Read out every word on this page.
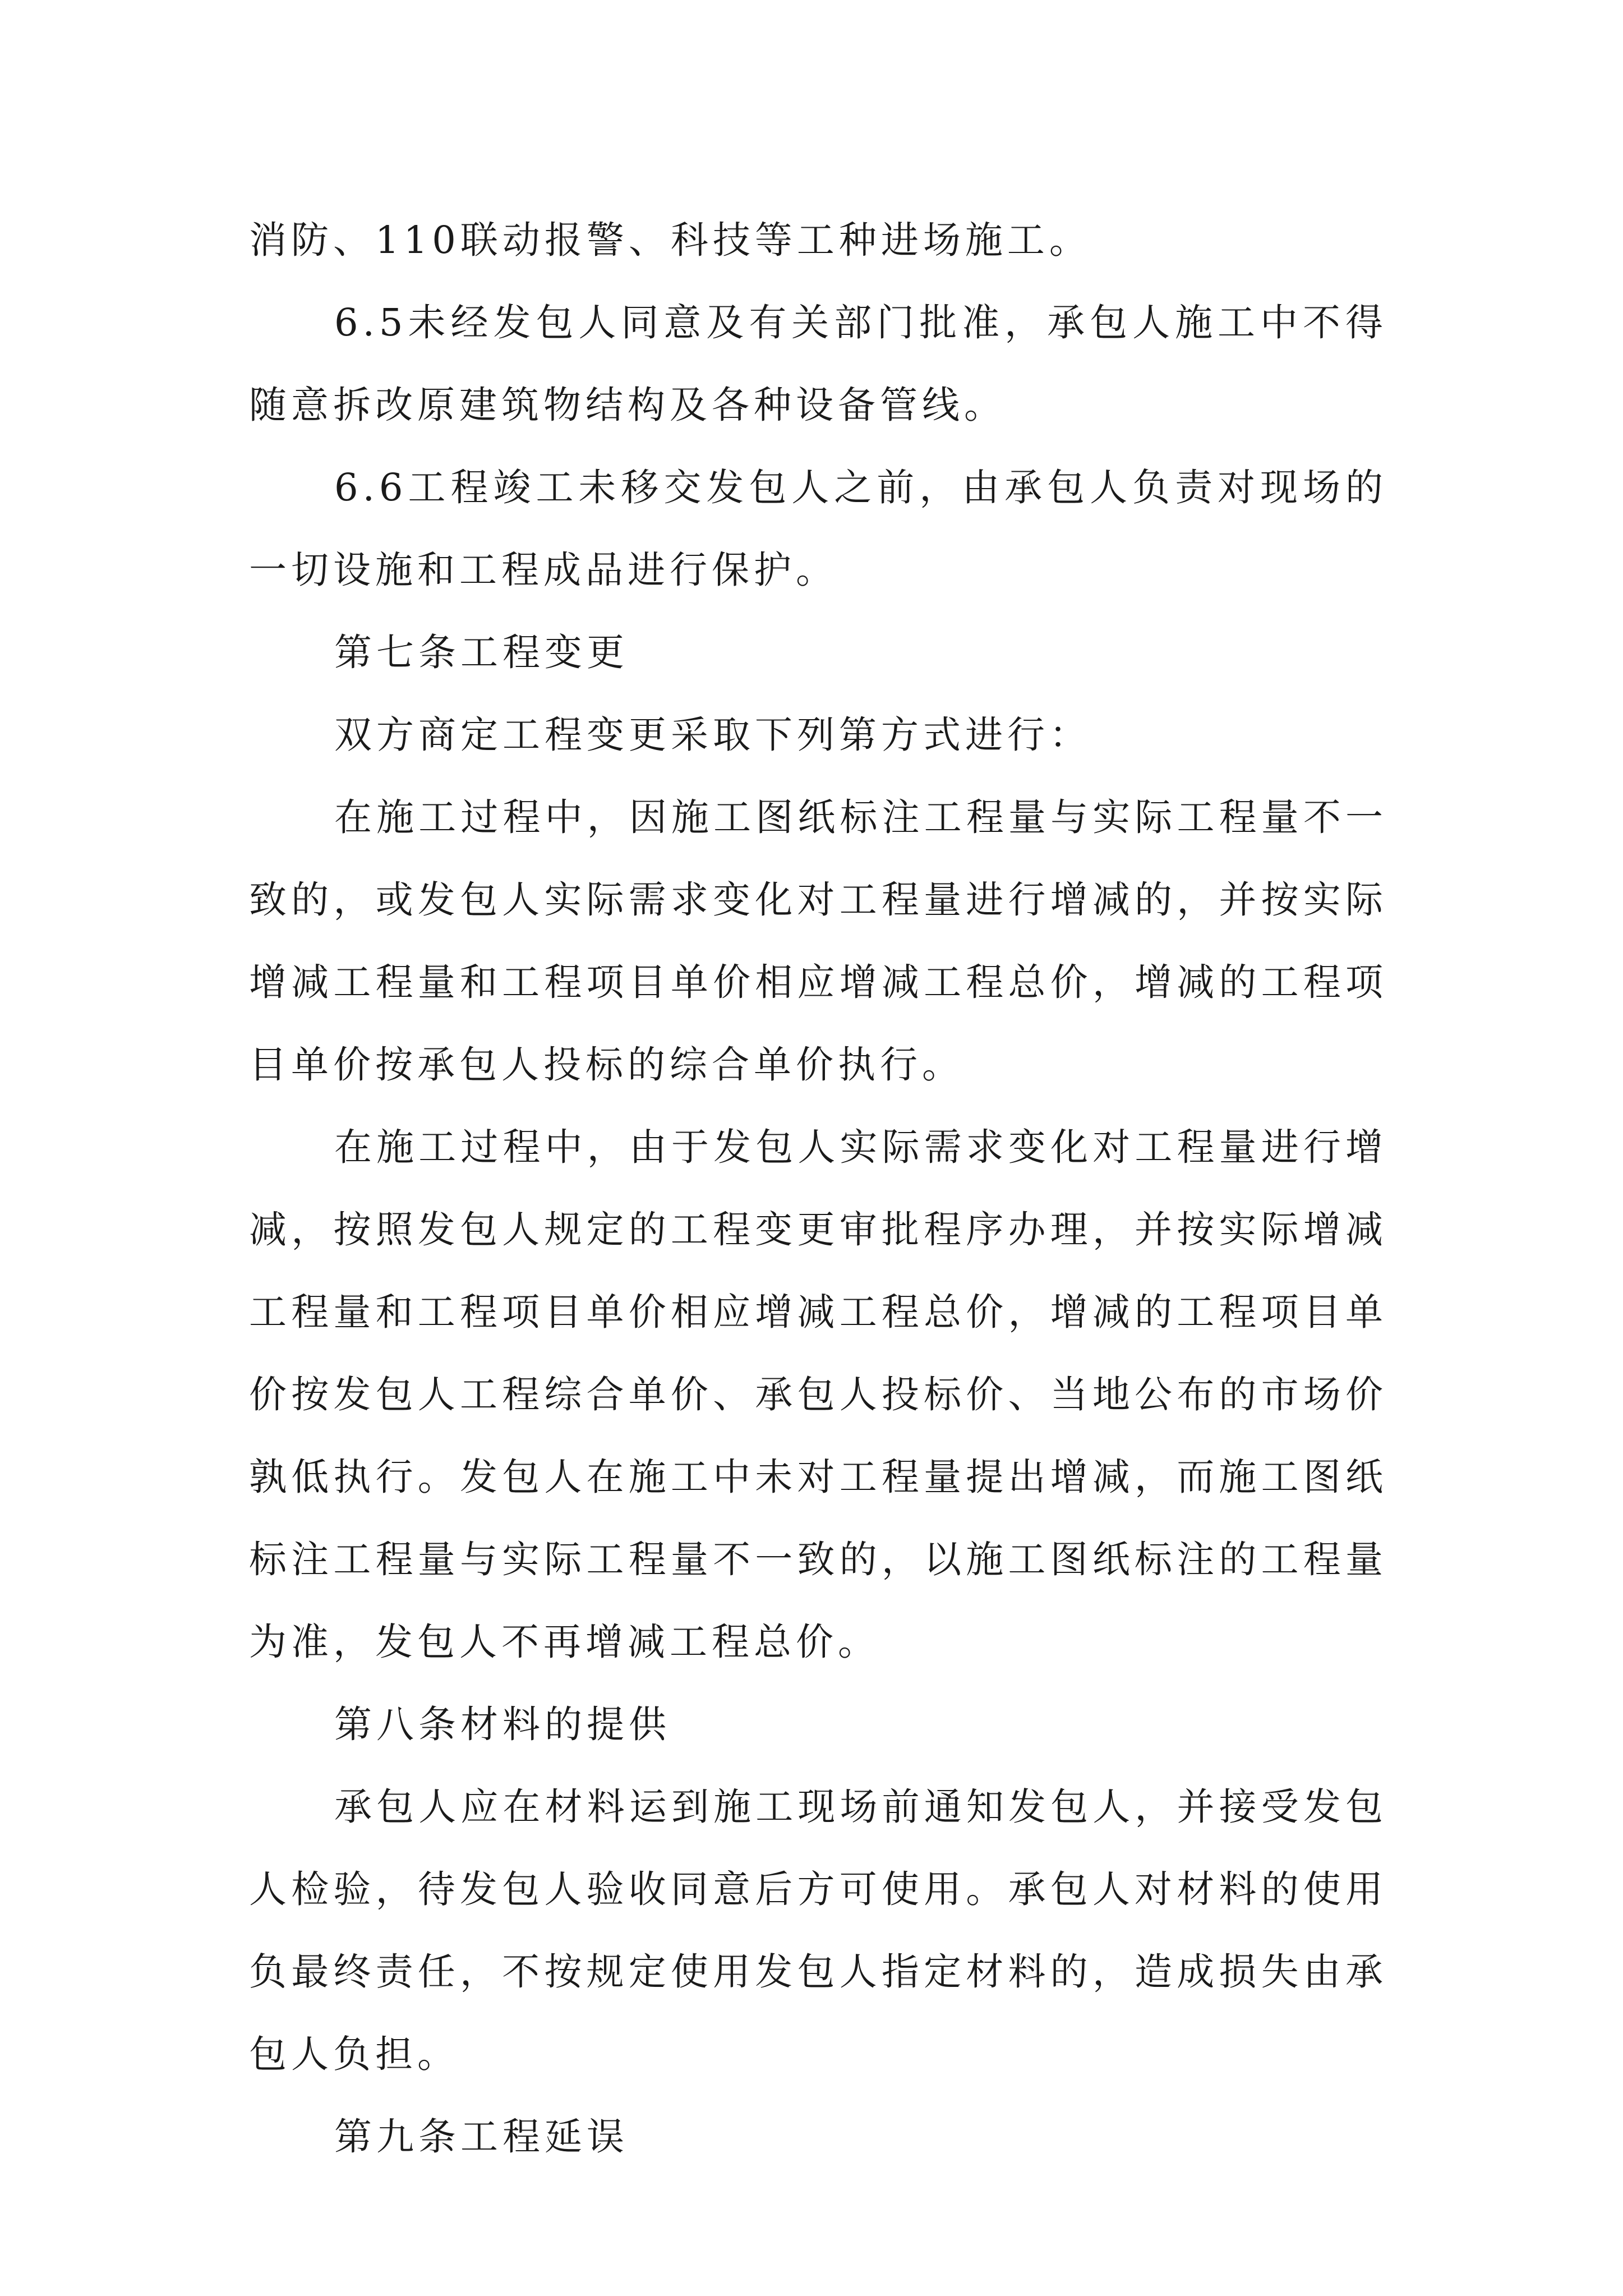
消防、110联动报警、科技等工种进场施工。

6.5未经发包人同意及有关部门批准，承包人施工中不得随意拆改原建筑物结构及各种设备管线。

6.6工程竣工未移交发包人之前，由承包人负责对现场的一切设施和工程成品进行保护。

第七条工程变更

双方商定工程变更采取下列第方式进行：

在施工过程中，因施工图纸标注工程量与实际工程量不一致的，或发包人实际需求变化对工程量进行增减的，并按实际增减工程量和工程项目单价相应增减工程总价，增减的工程项目单价按承包人投标的综合单价执行。

在施工过程中，由于发包人实际需求变化对工程量进行增减，按照发包人规定的工程变更审批程序办理，并按实际增减工程量和工程项目单价相应增减工程总价，增减的工程项目单价按发包人工程综合单价、承包人投标价、当地公布的市场价孰低执行。发包人在施工中未对工程量提出增减，而施工图纸标注工程量与实际工程量不一致的，以施工图纸标注的工程量为准，发包人不再增减工程总价。

第八条材料的提供

承包人应在材料运到施工现场前通知发包人，并接受发包人检验，待发包人验收同意后方可使用。承包人对材料的使用负最终责任，不按规定使用发包人指定材料的，造成损失由承包人负担。

第九条工程延误
